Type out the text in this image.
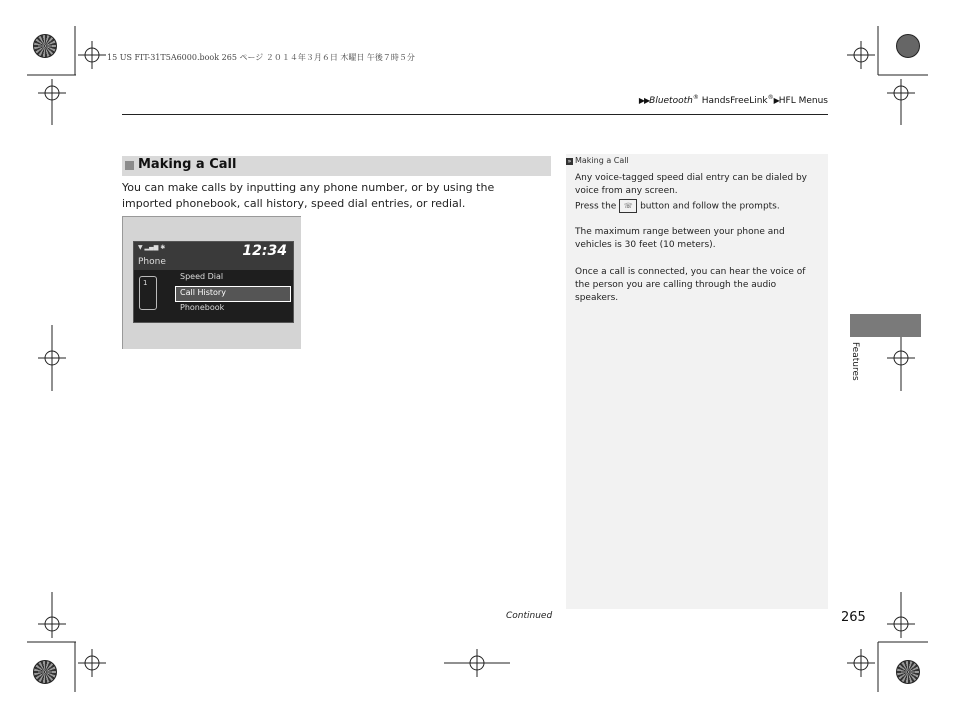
15 US FIT-31T5A6000.book 265 ページ ２０１４年３月６日 木曜日 午後７時５分
▶▶Bluetooth® HandsFreeLink®▶HFL Menus
Making a Call
You can make calls by inputting any phone number, or by using the imported phonebook, call history, speed dial entries, or redial.
▼ ▂▄▆ ✱	12:34
Phone
1
Speed Dial
Call History
Phonebook
» Making a Call
Any voice-tagged speed dial entry can be dialed by voice from any screen.
Press the ☏ button and follow the prompts.
The maximum range between your phone and vehicles is 30 feet (10 meters).
Once a call is connected, you can hear the voice of the person you are calling through the audio speakers.
Features
Continued	265
